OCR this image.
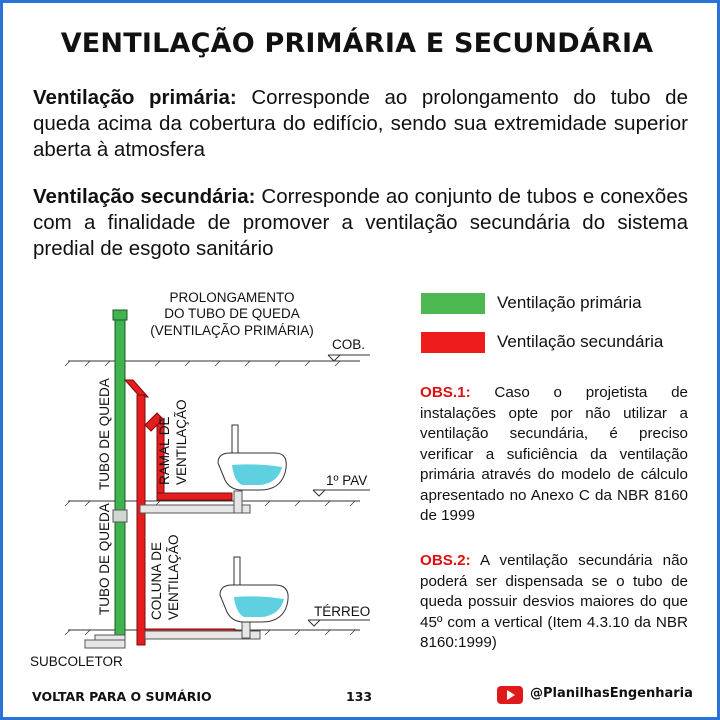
VENTILAÇÃO PRIMÁRIA E SECUNDÁRIA
Ventilação primária: Corresponde ao prolongamento do tubo de queda acima da cobertura do edifício, sendo sua extremidade superior aberta à atmosfera
Ventilação secundária: Corresponde ao conjunto de tubos e conexões com a finalidade de promover a ventilação secundária do sistema predial de esgoto sanitário
PROLONGAMENTO
DO TUBO DE QUEDA
(VENTILAÇÃO PRIMÁRIA)
COB.
1º PAV
TÉRREO
SUBCOLETOR
TUBO DE QUEDA
TUBO DE QUEDA
RAMAL DE VENTILAÇÃO
COLUNA DE VENTILAÇÃO
Ventilação primária
Ventilação secundária
OBS.1: Caso o projetista de instalações opte por não utilizar a ventilação secundária, é preciso verificar a suficiência da ventilação primária através do modelo de cálculo apresentado no Anexo C da NBR 8160 de 1999
OBS.2: A ventilação secundária não poderá ser dispensada se o tubo de queda possuir desvios maiores do que 45º com a vertical (Item 4.3.10 da NBR 8160:1999)
VOLTAR PARA O SUMÁRIO	133	@PlanilhasEngenharia
